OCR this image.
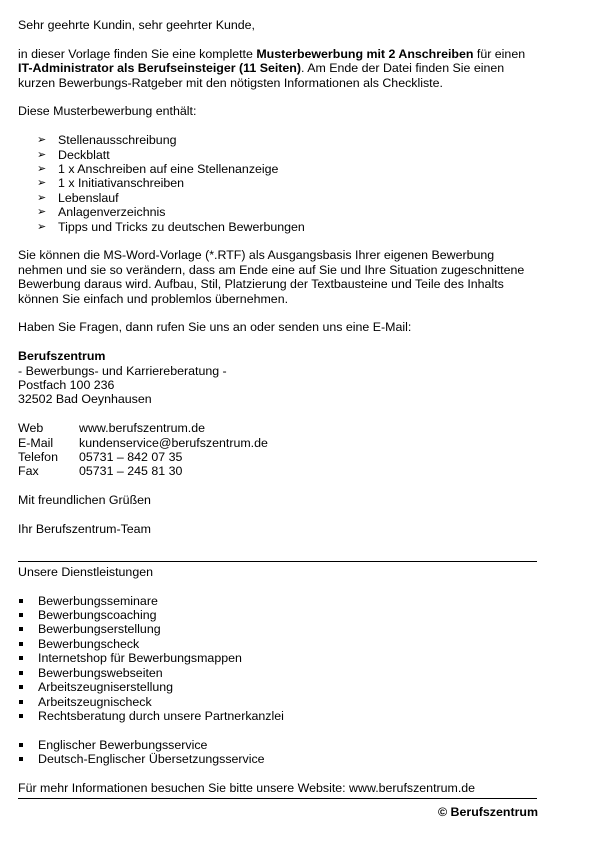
Sehr geehrte Kundin, sehr geehrter Kunde,

in dieser Vorlage finden Sie eine komplette Musterbewerbung mit 2 Anschreiben für einen

IT-Administrator als Berufseinsteiger (11 Seiten). Am Ende der Datei finden Sie einen

kurzen Bewerbungs-Ratgeber mit den nötigsten Informationen als Checkliste.

Diese Musterbewerbung enthält:

➢ Stellenausschreibung
➢ Deckblatt
➢ 1 x Anschreiben auf eine Stellenanzeige
➢ 1 x Initiativanschreiben
➢ Lebenslauf
➢ Anlagenverzeichnis
➢ Tipps und Tricks zu deutschen Bewerbungen

Sie können die MS-Word-Vorlage (*.RTF) als Ausgangsbasis Ihrer eigenen Bewerbung

nehmen und sie so verändern, dass am Ende eine auf Sie und Ihre Situation zugeschnittene

Bewerbung daraus wird. Aufbau, Stil, Platzierung der Textbausteine und Teile des Inhalts

können Sie einfach und problemlos übernehmen.

Haben Sie Fragen, dann rufen Sie uns an oder senden uns eine E-Mail:

Berufszentrum

- Bewerbungs- und Karriereberatung -

Postfach 100 236

32502 Bad Oeynhausen

Web	www.berufszentrum.de
E-Mail	kundenservice@berufszentrum.de
Telefon	05731 – 842 07 35
Fax	05731 – 245 81 30

Mit freundlichen Grüßen

Ihr Berufszentrum-Team

Unsere Dienstleistungen

Bewerbungsseminare
Bewerbungscoaching
Bewerbungserstellung
Bewerbungscheck
Internetshop für Bewerbungsmappen
Bewerbungswebseiten
Arbeitszeugniserstellung
Arbeitszeugnischeck
Rechtsberatung durch unsere Partnerkanzlei
Englischer Bewerbungsservice
Deutsch-Englischer Übersetzungsservice

Für mehr Informationen besuchen Sie bitte unsere Website: www.berufszentrum.de

© Berufszentrum
